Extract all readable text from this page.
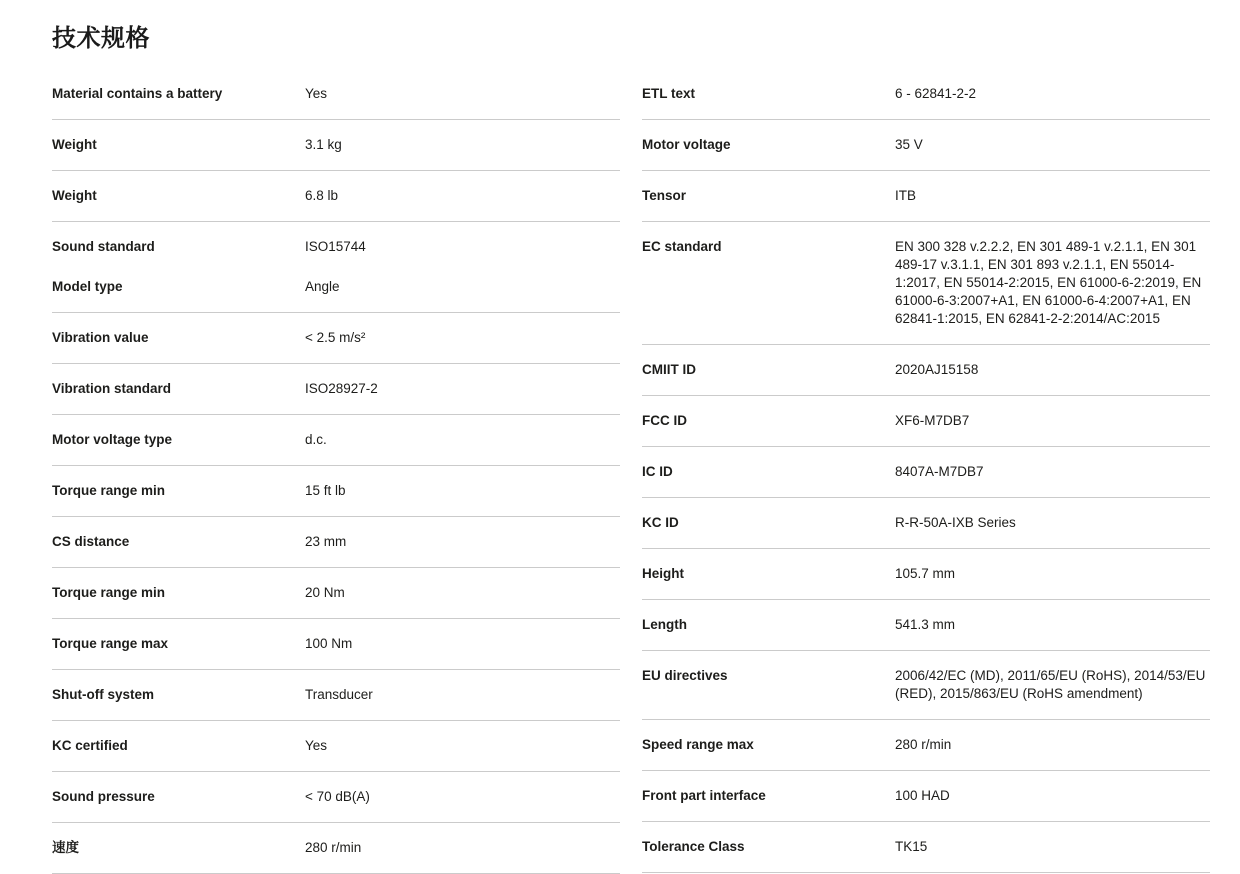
技术规格
Material contains a battery	Yes
Weight	3.1 kg
Weight	6.8 lb
Sound standard	ISO15744
Model type	Angle
Vibration value	< 2.5 m/s²
Vibration standard	ISO28927-2
Motor voltage type	d.c.
Torque range min	15 ft lb
CS distance	23 mm
Torque range min	20 Nm
Torque range max	100 Nm
Shut-off system	Transducer
KC certified	Yes
Sound pressure	< 70 dB(A)
速度	280 r/min
ETL text	6 - 62841-2-2
Motor voltage	35 V
Tensor	ITB
EC standard	EN 300 328 v.2.2.2, EN 301 489-1 v.2.1.1, EN 301 489-17 v.3.1.1, EN 301 893 v.2.1.1, EN 55014-1:2017, EN 55014-2:2015, EN 61000-6-2:2019, EN 61000-6-3:2007+A1, EN 61000-6-4:2007+A1, EN 62841-1:2015, EN 62841-2-2:2014/AC:2015
CMIIT ID	2020AJ15158
FCC ID	XF6-M7DB7
IC ID	8407A-M7DB7
KC ID	R-R-50A-IXB Series
Height	105.7 mm
Length	541.3 mm
EU directives	2006/42/EC (MD), 2011/65/EU (RoHS), 2014/53/EU (RED), 2015/863/EU (RoHS amendment)
Speed range max	280 r/min
Front part interface	100 HAD
Tolerance Class	TK15
